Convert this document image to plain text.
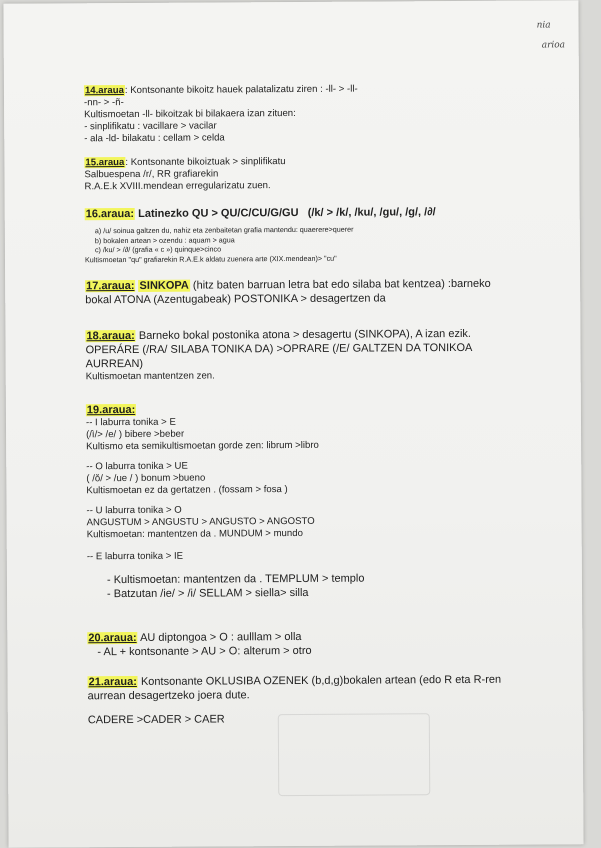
nia
arioa
14.araua: Kontsonante bikoitz hauek palatalizatu ziren : -ll- > -ll-
-nn- > -ñ-
Kultismoetan -ll- bikoitzak bi bilakaera izan zituen:
- sinplifikatu : vacillare > vacilar
- ala -ld- bilakatu : cellam > celda
15.araua: Kontsonante bikoiztuak > sinplifikatu
Salbuespena /r/, RR grafiarekin
R.A.E.k XVIII.mendean erregularizatu zuen.
16.araua: Latinezko QU > QU/C/CU/G/GU (/k/ > /k/, /ku/, /gu/, /g/, /∂/
a) /u/ soinua galtzen du, nahiz eta zenbaitetan grafia mantendu: quaerere>querer
b) bokalen artean > ozendu : aquam > agua
c) /ku/ > /∂/ (grafia « c ») quinque>cinco
Kultismoetan "qu" grafiarekin R.A.E.k aldatu zuenera arte (XIX.mendean)> "cu"
17.araua: SINKOPA (hitz baten barruan letra bat edo silaba bat kentzea) :barneko
bokal ATONA (Azentugabeak) POSTONIKA > desagertzen da
18.araua: Barneko bokal postonika atona > desagertu (SINKOPA), A izan ezik.
OPERÁRE (/RA/ SILABA TONIKA DA) >OPRARE (/E/ GALTZEN DA TONIKOA
AURREAN)
Kultismoetan mantentzen zen.
19.araua:
-- I laburra tonika > E
(/ì/> /e/ ) bibere >beber
Kultismo eta semikultismoetan gorde zen: librum >libro
-- O laburra tonika > UE
( /ŏ/ > /ue / ) bonum >bueno
Kultismoetan ez da gertatzen . (fossam > fosa )
-- U laburra tonika > O
ANGUSTUM > ANGUSTU > ANGUSTO > ANGOSTO
Kultismoetan: mantentzen da . MUNDUM > mundo
-- E laburra tonika > IE
- Kultismoetan: mantentzen da . TEMPLUM > templo
- Batzutan /ie/ > /i/ SELLAM > siella> silla
20.araua: AU diptongoa > O : aulllam > olla
- AL + kontsonante > AU > O: alterum > otro
21.araua: Kontsonante OKLUSIBA OZENEK (b,d,g)bokalen artean (edo R eta R-ren
aurrean desagertzeko joera dute.
CADERE >CADER > CAER
